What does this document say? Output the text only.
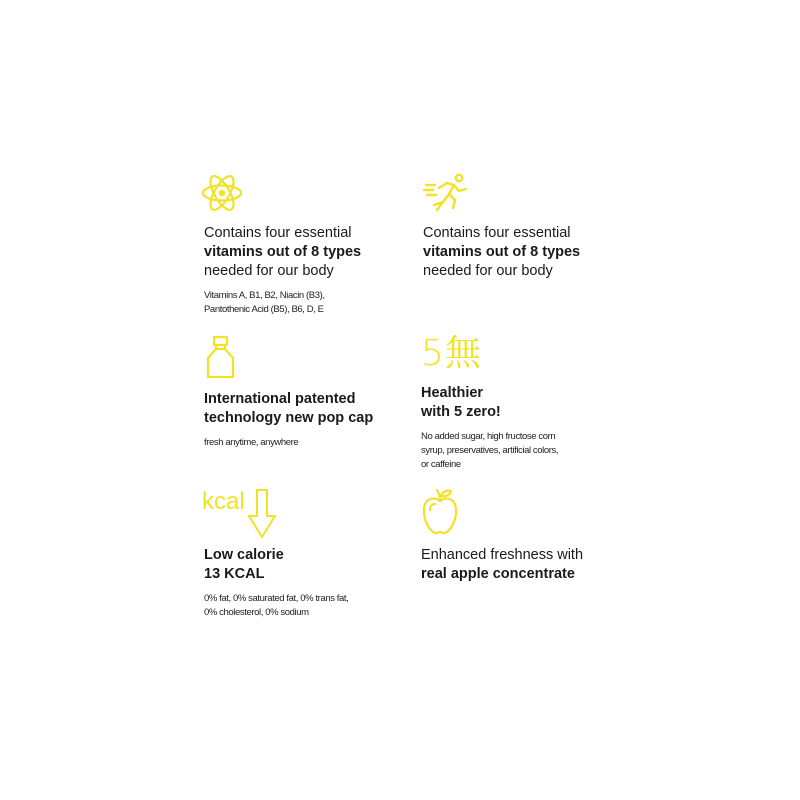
Contains four essential
vitamins out of 8 types
needed for our body
Vitamins A, B1, B2, Niacin (B3),
Pantothenic Acid (B5), B6, D, E
Contains four essential
vitamins out of 8 types
needed for our body
International patented
technology new pop cap
fresh anytime, anywhere
5無
Healthier
with 5 zero!
No added sugar, high fructose corn
syrup, preservatives, artificial colors,
or caffeine
kcal
Low calorie
13 KCAL
0% fat, 0% saturated fat, 0% trans fat,
0% cholesterol, 0% sodium
Enhanced freshness with
real apple concentrate
